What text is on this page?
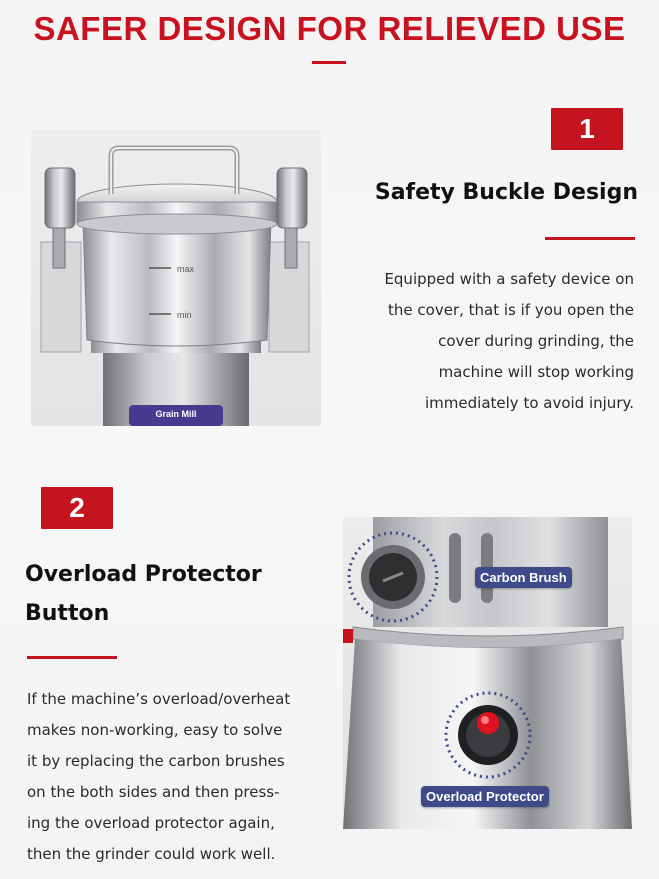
SAFER DESIGN FOR RELIEVED USE
Grain Mill
max
min
1
Safety Buckle Design
Equipped with a safety device on
the cover, that is if you open the
cover during grinding, the
machine will stop working
immediately to avoid injury.
2
Overload Protector Button
If the machine’s overload/overheat
makes non-working, easy to solve
it by replacing the carbon brushes
on the both sides and then press-
ing the overload protector again,
then the grinder could work well.
Carbon Brush
Overload Protector
